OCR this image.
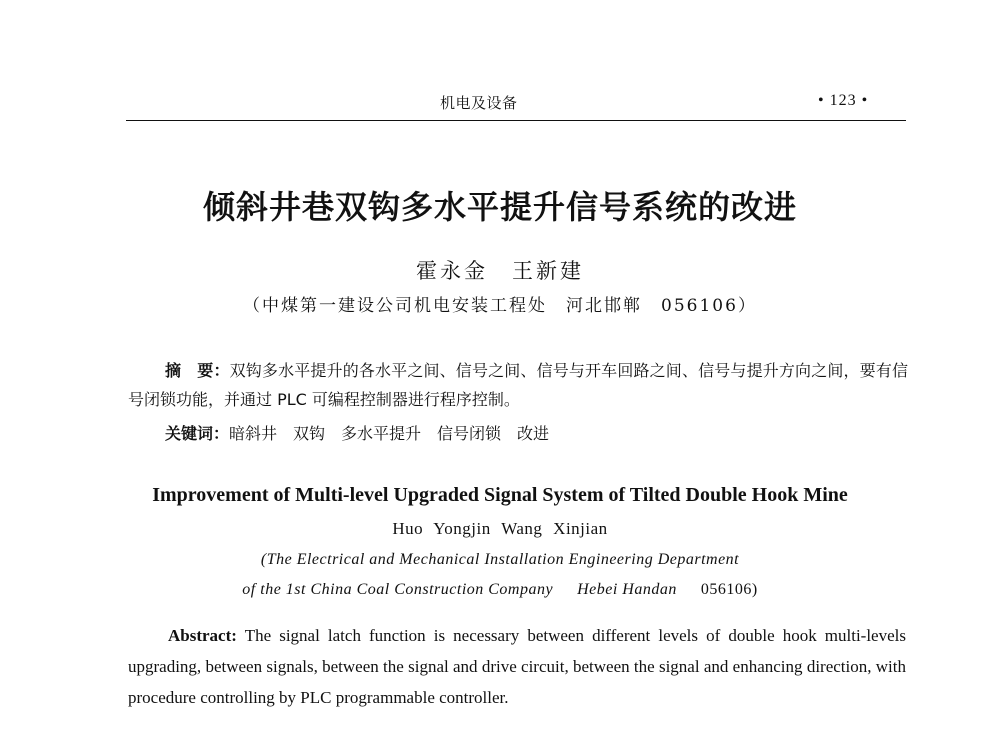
机电及设备	• 123 •
倾斜井巷双钩多水平提升信号系统的改进
霍永金　王新建
（中煤第一建设公司机电安装工程处　河北邯郸　056106）
摘　要：双钩多水平提升的各水平之间、信号之间、信号与开车回路之间、信号与提升方向之间，要有信号闭锁功能，并通过 PLC 可编程控制器进行程序控制。
关键词：暗斜井　双钩　多水平提升　信号闭锁　改进
Improvement of Multi-level Upgraded Signal System of Tilted Double Hook Mine
Huo Yongjin Wang Xinjian
(The Electrical and Mechanical Installation Engineering Department
of the 1st China Coal Construction Company Hebei Handan 056106)
Abstract: The signal latch function is necessary between different levels of double hook multi-levels upgrading, between signals, between the signal and drive circuit, between the signal and enhancing direction, with procedure controlling by PLC programmable controller.
